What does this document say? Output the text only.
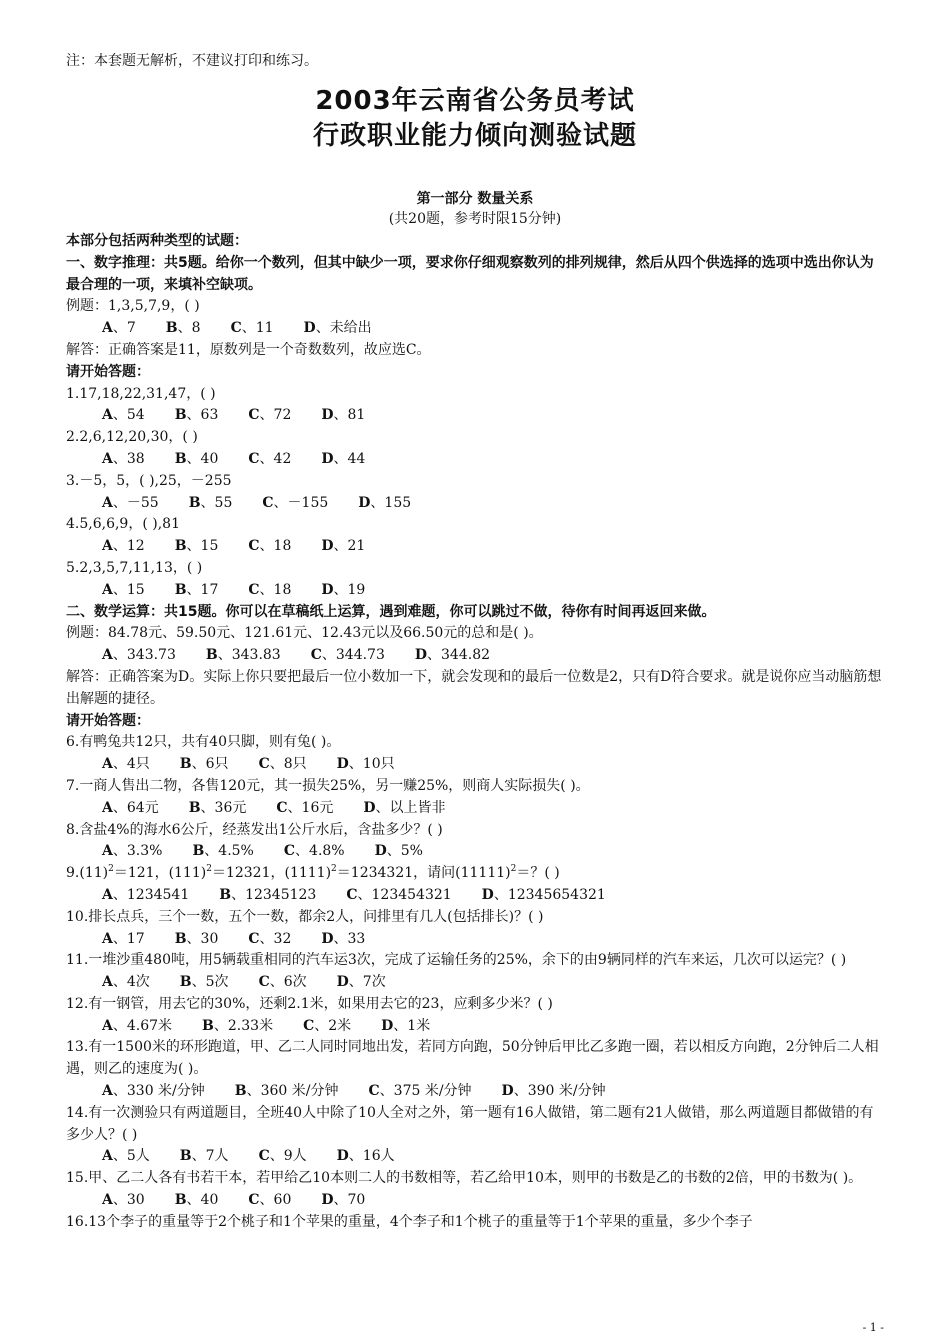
注：本套题无解析，不建议打印和练习。
2003年云南省公务员考试
行政职业能力倾向测验试题
第一部分 数量关系
(共20题，参考时限15分钟)
本部分包括两种类型的试题：
一、数字推理：共5题。给你一个数列，但其中缺少一项，要求你仔细观察数列的排列规律，然后从四个供选择的选项中选出你认为最合理的一项，来填补空缺项。
例题：1,3,5,7,9，( )
A、7 B、8 C、11 D、未给出
解答：正确答案是11，原数列是一个奇数数列，故应选C。
请开始答题：
1.17,18,22,31,47，( )
A、54 B、63 C、72 D、81
2.2,6,12,20,30，( )
A、38 B、40 C、42 D、44
3.－5，5，( ),25，－255
A、－55 B、55 C、－155 D、155
4.5,6,6,9，( ),81
A、12 B、15 C、18 D、21
5.2,3,5,7,11,13，( )
A、15 B、17 C、18 D、19
二、数学运算：共15题。你可以在草稿纸上运算，遇到难题，你可以跳过不做，待你有时间再返回来做。
例题：84.78元、59.50元、121.61元、12.43元以及66.50元的总和是( )。
A、343.73 B、343.83 C、344.73 D、344.82
解答：正确答案为D。实际上你只要把最后一位小数加一下，就会发现和的最后一位数是2，只有D符合要求。就是说你应当动脑筋想出解题的捷径。
请开始答题：
6.有鸭兔共12只，共有40只脚，则有兔( )。
A、4只 B、6只 C、8只 D、10只
7.一商人售出二物，各售120元，其一损失25%，另一赚25%，则商人实际损失( )。
A、64元 B、36元 C、16元 D、以上皆非
8.含盐4%的海水6公斤，经蒸发出1公斤水后，含盐多少？( )
A、3.3% B、4.5% C、4.8% D、5%
$9.(11)^2=121$，$(111)^2=12321$，$(1111)^2=1234321$，请问$(11111)^2=$？( )
A、1234541 B、12345123 C、123454321 D、12345654321
10.排长点兵，三个一数，五个一数，都余2人，问排里有几人(包括排长)？( )
A、17 B、30 C、32 D、33
11.一堆沙重480吨，用5辆载重相同的汽车运3次，完成了运输任务的25%，余下的由9辆同样的汽车来运，几次可以运完？( )
A、4次 B、5次 C、6次 D、7次
12.有一钢管，用去它的30%，还剩2.1米，如果用去它的23，应剩多少米？( )
A、4.67米 B、2.33米 C、2米 D、1米
13.有一1500米的环形跑道，甲、乙二人同时同地出发，若同方向跑，50分钟后甲比乙多跑一圈，若以相反方向跑，2分钟后二人相遇，则乙的速度为( )。
A、330 米/分钟 B、360 米/分钟 C、375 米/分钟 D、390 米/分钟
14.有一次测验只有两道题目，全班40人中除了10人全对之外，第一题有16人做错，第二题有21人做错，那么两道题目都做错的有多少人？( )
A、5人 B、7人 C、9人 D、16人
15.甲、乙二人各有书若干本，若甲给乙10本则二人的书数相等，若乙给甲10本，则甲的书数是乙的书数的2倍，甲的书数为( )。
A、30 B、40 C、60 D、70
16.13个李子的重量等于2个桃子和1个苹果的重量，4个李子和1个桃子的重量等于1个苹果的重量，多少个李子
- 1 -
